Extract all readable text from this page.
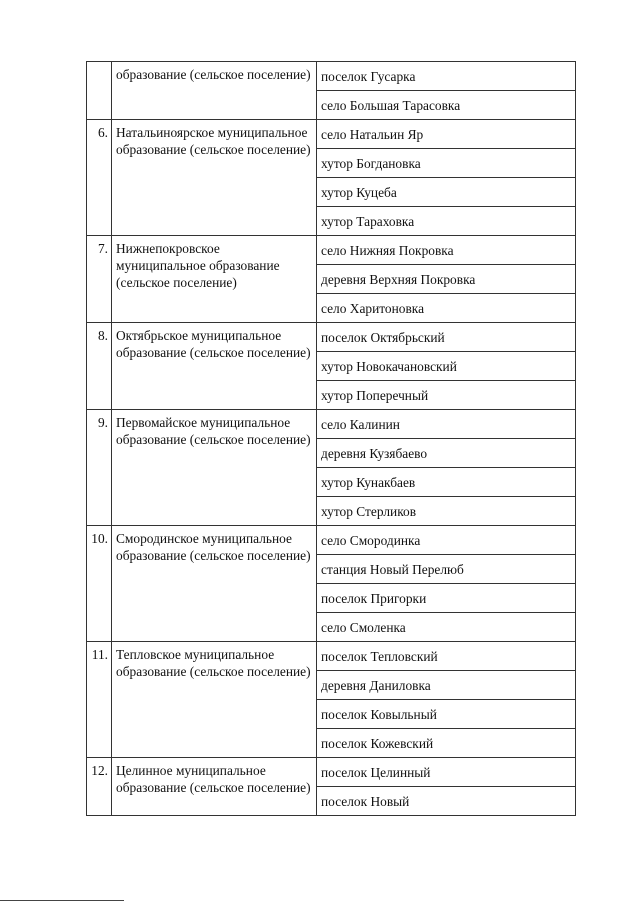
	образование (сельское поселение)	поселок Гусарка
		село Большая Тарасовка
6.	Натальиноярское муниципальное образование (сельское поселение)	село Натальин Яр
		хутор Богдановка
		хутор Куцеба
		хутор Тараховка
7.	Нижнепокровское муниципальное образование (сельское поселение)	село Нижняя Покровка
		деревня Верхняя Покровка
		село Харитоновка
8.	Октябрьское муниципальное образование (сельское поселение)	поселок Октябрьский
		хутор Новокачановский
		хутор Поперечный
9.	Первомайское муниципальное образование (сельское поселение)	село Калинин
		деревня Кузябаево
		хутор Кунакбаев
		хутор Стерликов
10.	Смородинское муниципальное образование (сельское поселение)	село Смородинка
		станция Новый Перелюб
		поселок Пригорки
		село Смоленка
11.	Тепловское муниципальное образование (сельское поселение)	поселок Тепловский
		деревня Даниловка
		поселок Ковыльный
		поселок Кожевский
12.	Целинное муниципальное образование (сельское поселение)	поселок Целинный
		поселок Новый
